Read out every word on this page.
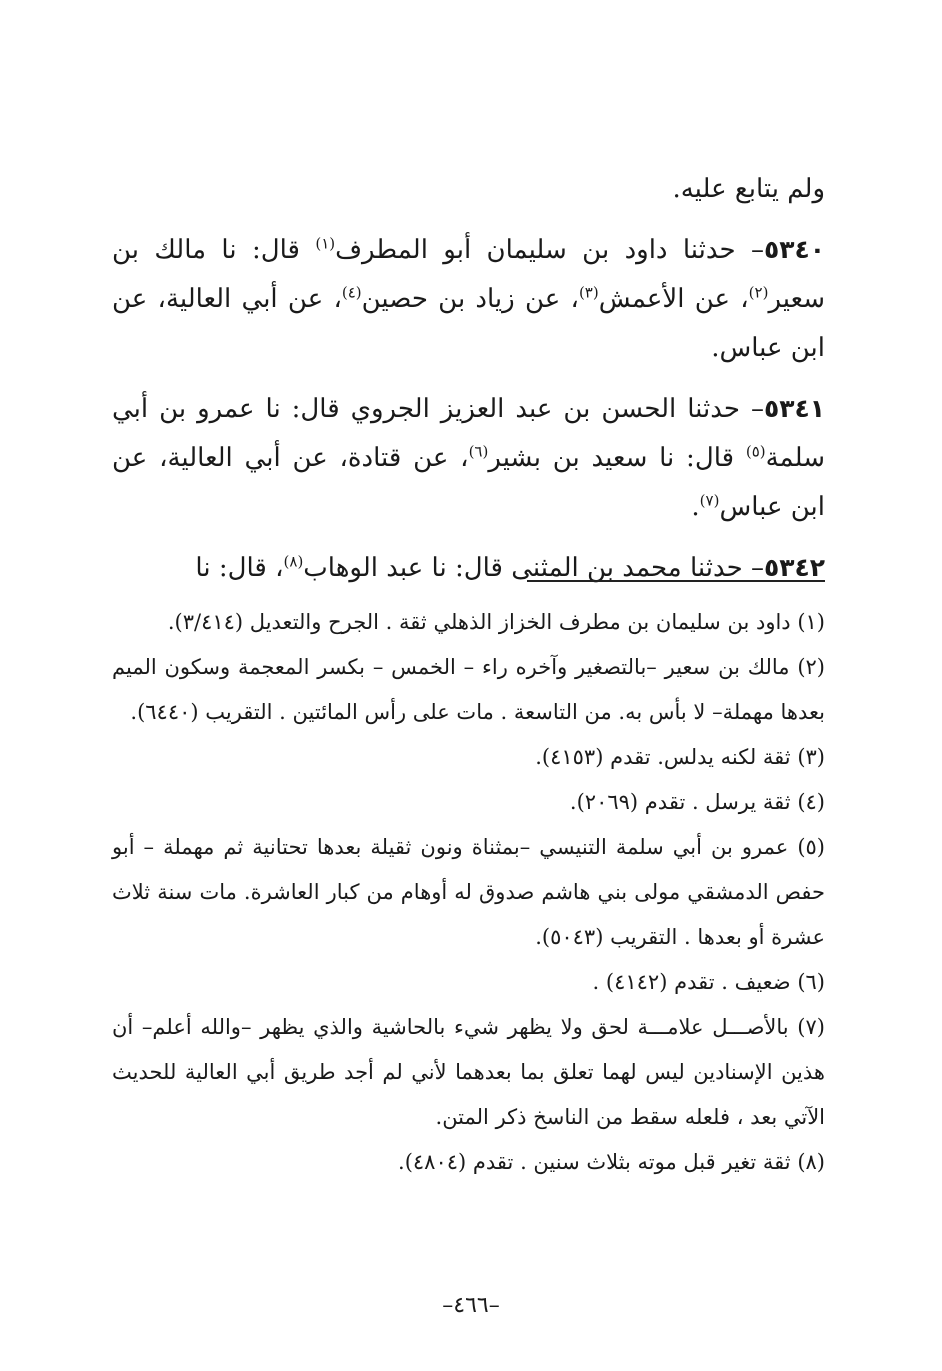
ولم يتابع عليه.

٥٣٤٠– حدثنا داود بن سليمان أبو المطرف$^{(١)}$ قال: نا مالك بن سعير$^{(٢)}$، عن الأعمش$^{(٣)}$، عن زياد بن حصين$^{(٤)}$، عن أبي العالية، عن ابن عباس.

٥٣٤١– حدثنا الحسن بن عبد العزيز الجروي قال: نا عمرو بن أبي سلمة$^{(٥)}$ قال: نا سعيد بن بشير$^{(٦)}$، عن قتادة، عن أبي العالية، عن ابن عباس$^{(٧)}$.

٥٣٤٢– حدثنا محمد بن المثنى قال: نا عبد الوهاب$^{(٨)}$، قال: نا

(١) داود بن سليمان بن مطرف الخزاز الذهلي ثقة . الجرح والتعديل (٣/٤١٤).
(٢) مالك بن سعير –بالتصغير وآخره راء – الخمس – بكسر المعجمة وسكون الميم بعدها مهملة– لا بأس به. من التاسعة . مات على رأس المائتين . التقريب (٦٤٤٠).
(٣) ثقة لكنه يدلس. تقدم (٤١٥٣).
(٤) ثقة يرسل . تقدم (٢٠٦٩).
(٥) عمرو بن أبي سلمة التنيسي –بمثناة ونون ثقيلة بعدها تحتانية ثم مهملة – أبو حفص الدمشقي مولى بني هاشم صدوق له أوهام من كبار العاشرة. مات سنة ثلاث عشرة أو بعدها . التقريب (٥٠٤٣).
(٦) ضعيف . تقدم (٤١٤٢) .
(٧) بالأصـــل علامـــة لحق ولا يظهر شيء بالحاشية والذي يظهر –والله أعلم– أن هذين الإسنادين ليس لهما تعلق بما بعدهما لأني لم أجد طريق أبي العالية للحديث الآتي بعد ، فلعله سقط من الناسخ ذكر المتن.
(٨) ثقة تغير قبل موته بثلاث سنين . تقدم (٤٨٠٤).
–٤٦٦–
